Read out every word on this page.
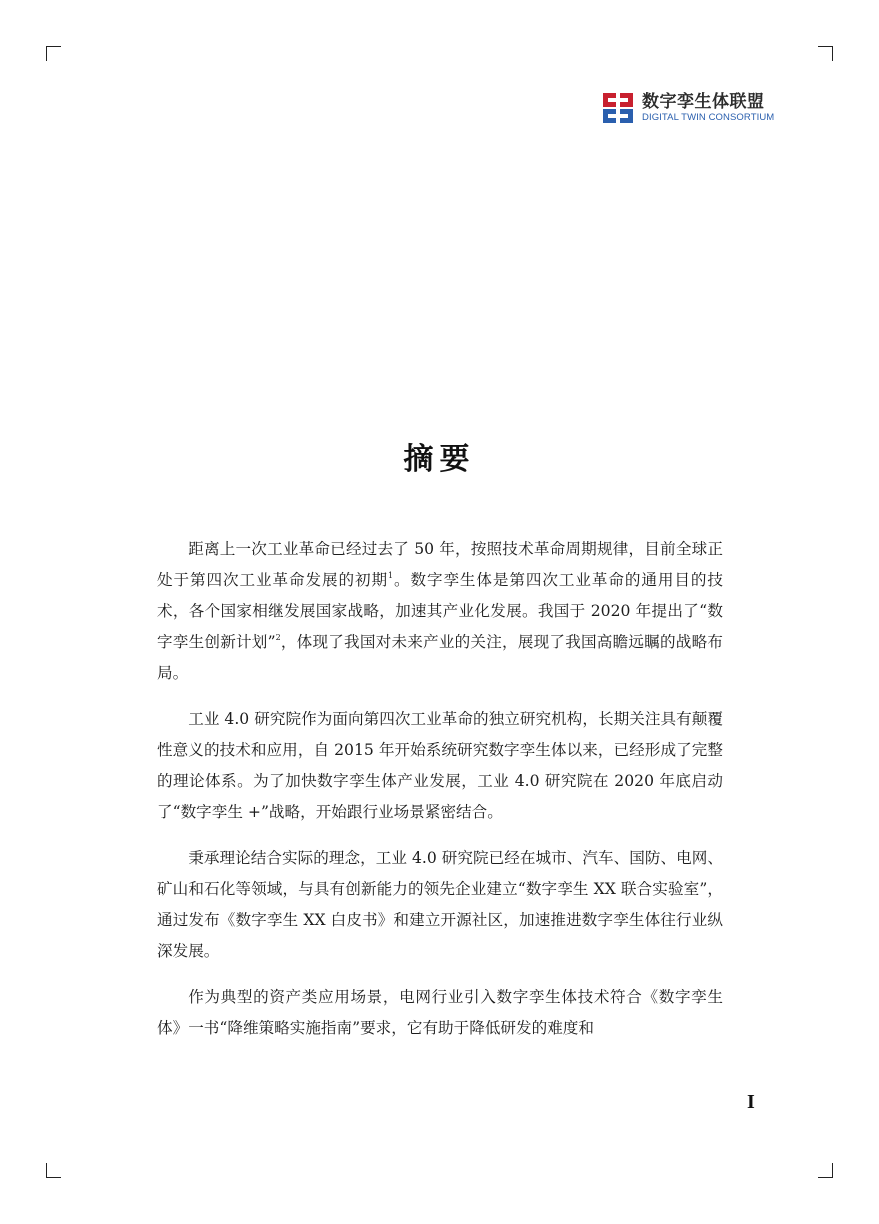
数字孪生体联盟
DIGITAL TWIN CONSORTIUM
摘要

距离上一次工业革命已经过去了 50 年，按照技术革命周期规律，目前全球正处于第四次工业革命发展的初期$^1$。数字孪生体是第四次工业革命的通用目的技术，各个国家相继发展国家战略，加速其产业化发展。我国于 2020 年提出了“数字孪生创新计划”$^2$，体现了我国对未来产业的关注，展现了我国高瞻远瞩的战略布局。

工业 4.0 研究院作为面向第四次工业革命的独立研究机构，长期关注具有颠覆性意义的技术和应用，自 2015 年开始系统研究数字孪生体以来，已经形成了完整的理论体系。为了加快数字孪生体产业发展，工业 4.0 研究院在 2020 年底启动了“数字孪生 +”战略，开始跟行业场景紧密结合。

秉承理论结合实际的理念，工业 4.0 研究院已经在城市、汽车、国防、电网、矿山和石化等领域，与具有创新能力的领先企业建立“数字孪生 XX 联合实验室”，通过发布《数字孪生 XX 白皮书》和建立开源社区，加速推进数字孪生体往行业纵深发展。

作为典型的资产类应用场景，电网行业引入数字孪生体技术符合《数字孪生体》一书“降维策略实施指南”要求，它有助于降低研发的难度和

I
